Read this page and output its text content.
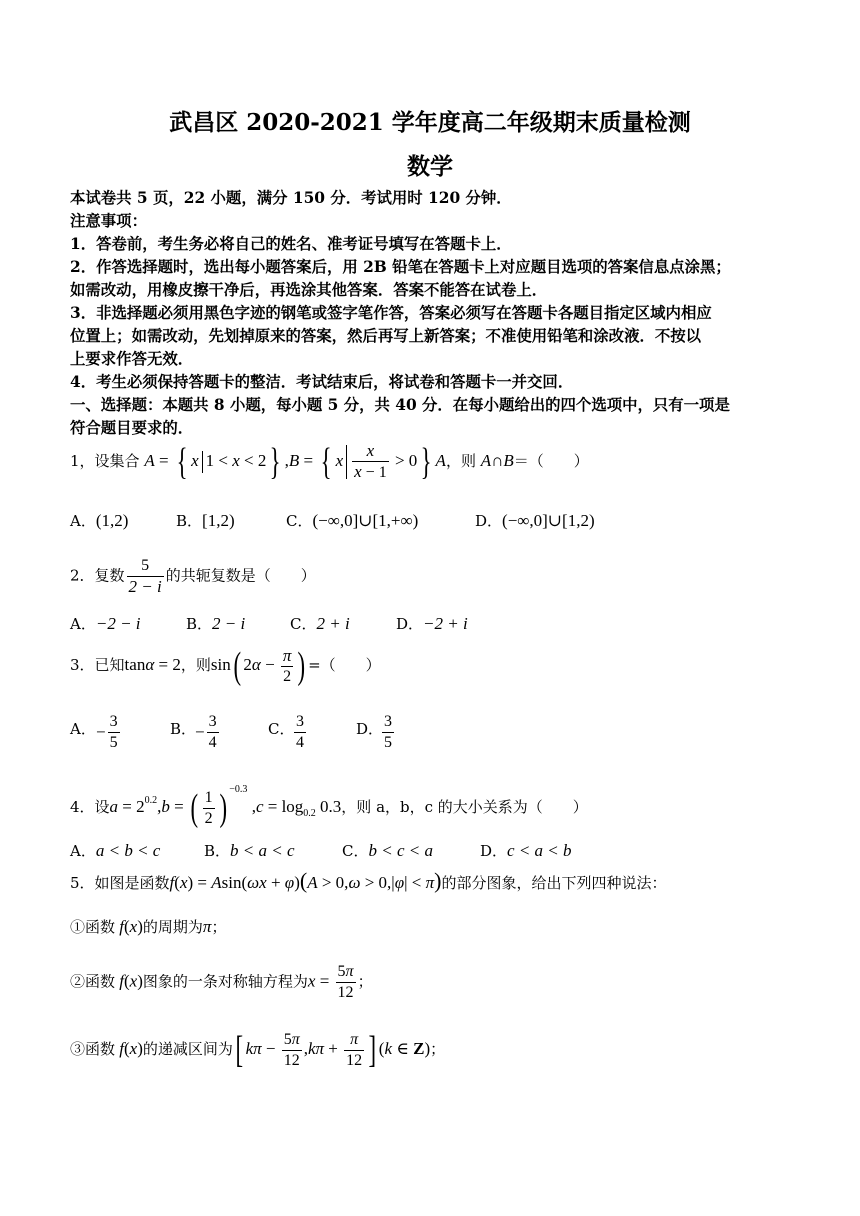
武昌区 2020-2021 学年度高二年级期末质量检测
数学
本试卷共 5 页，22 小题，满分 150 分．考试用时 120 分钟．
注意事项：
1．答卷前，考生务必将自己的姓名、准考证号填写在答题卡上．
2．作答选择题时，选出每小题答案后，用 2B 铅笔在答题卡上对应题目选项的答案信息点涂黑；
如需改动，用橡皮擦干净后，再选涂其他答案．答案不能答在试卷上．
3．非选择题必须用黑色字迹的钢笔或签字笔作答，答案必须写在答题卡各题目指定区域内相应
位置上；如需改动，先划掉原来的答案，然后再写上新答案；不准使用铅笔和涂改液．不按以
上要求作答无效．
4．考生必须保持答题卡的整洁．考试结束后，将试卷和答题卡一并交回．
一、选择题：本题共 8 小题，每小题 5 分，共 40 分．在每小题给出的四个选项中，只有一项是
符合题目要求的．
1，设集合 A = { x 1 < x < 2} ,B = { x $\frac{x}{x - 1} > 0$} A，则 A∩B＝（　　）
A．(1,2)	B．[1,2)	C．(−∞,0]∪[1,+∞)	D．(−∞,0]∪[1,2)
2．复数 $\frac{5}{2 - i}$ 的共轭复数是（　　）
A．−2 − i	B．2 − i	C．2 + i	D．−2 + i
3．已知tanα = 2，则sin( $2\alpha - \frac{\pi}{2}$ ) =（　　）
A． − $\frac{3}{5}$	B．
− $\frac{3}{4}$	C． $\frac{3}{4}$	D．
$\frac{3}{5}$
4．设$a = 2^{0.2},b$ = ( $\frac{1}{2}$ ) $^{-0.3}$ $,c = \log_{0.2} 0.3$，则 a，b，c 的大小关系为（　　）
A．a < b < c	B．b < a < c	C．b < c < a	D．c < a < b
5．如图是函数f(x) = Asin(ωx + φ)(A > 0,ω > 0,|φ| < π)的部分图象，给出下列四种说法：
①函数 f(x)的周期为π；
②函数 f(x)图象的一条对称轴方程为$x = \frac{5\pi}{12}$ ；
③函数 f(x)的递减区间为[ $k\pi - \frac{5\pi}{12} ,k\pi + \frac{\pi}{12}$ ] (k ∈ Z)；
